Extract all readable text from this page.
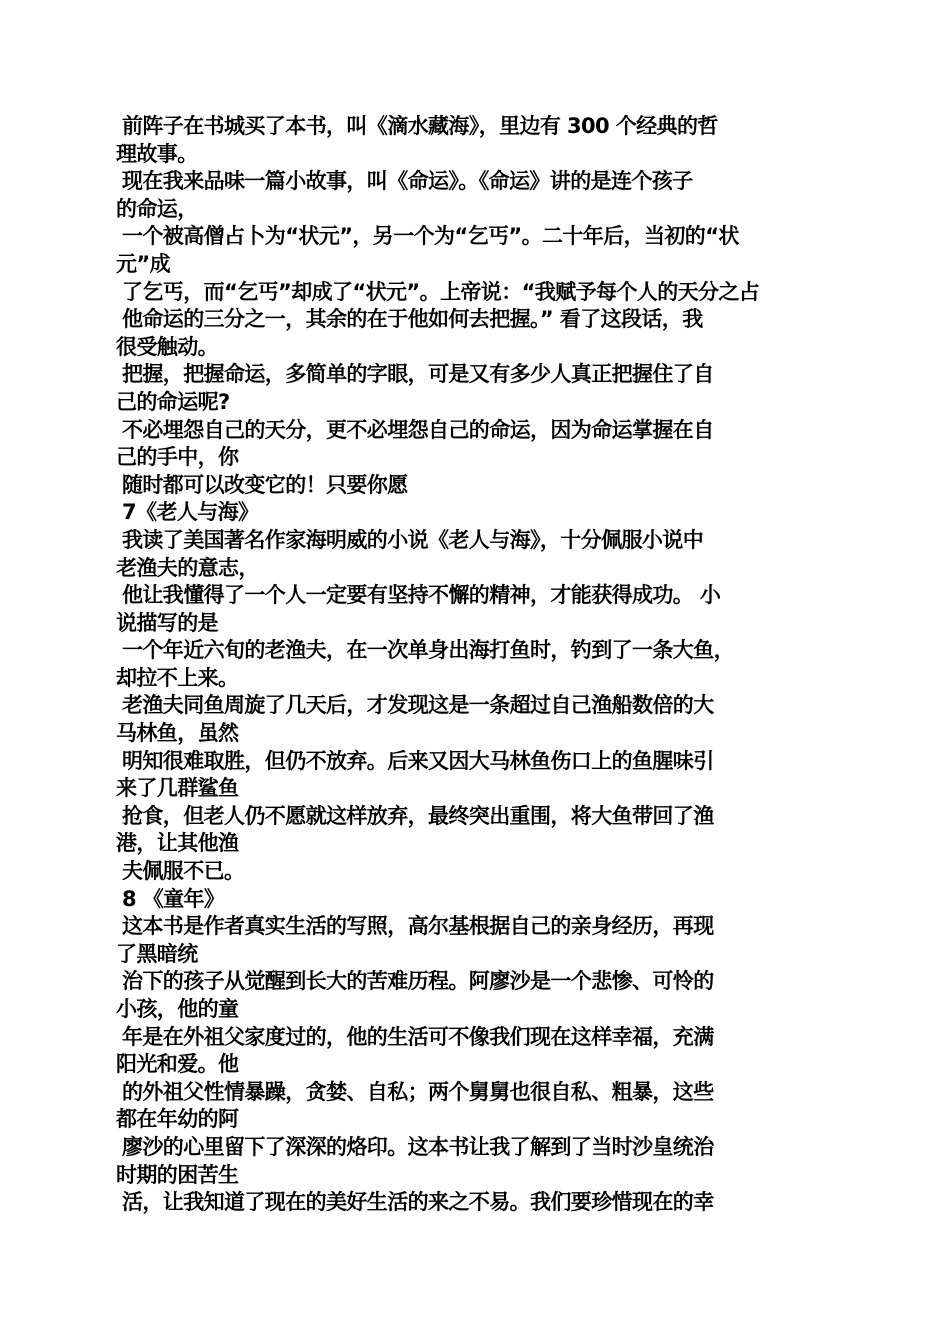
前阵子在书城买了本书，叫《滴水藏海》，里边有 300 个经典的哲
理故事。
现在我来品味一篇小故事，叫《命运》。《命运》讲的是连个孩子
的命运，
一个被高僧占卜为“状元”，另一个为“乞丐”。二十年后，当初的“状
元”成
了乞丐，而“乞丐”却成了“状元”。上帝说：“我赋予每个人的天分之占
他命运的三分之一，其余的在于他如何去把握。” 看了这段话，我
很受触动。
把握，把握命运，多简单的字眼，可是又有多少人真正把握住了自
己的命运呢?
不必埋怨自己的天分，更不必埋怨自己的命运，因为命运掌握在自
己的手中，你
随时都可以改变它的！只要你愿
7《老人与海》
我读了美国著名作家海明威的小说《老人与海》，十分佩服小说中
老渔夫的意志，
他让我懂得了一个人一定要有坚持不懈的精神，才能获得成功。 小
说描写的是
一个年近六旬的老渔夫，在一次单身出海打鱼时，钓到了一条大鱼，
却拉不上来。
老渔夫同鱼周旋了几天后，才发现这是一条超过自己渔船数倍的大
马林鱼，虽然
明知很难取胜，但仍不放弃。后来又因大马林鱼伤口上的鱼腥味引
来了几群鲨鱼
抢食，但老人仍不愿就这样放弃，最终突出重围，将大鱼带回了渔
港，让其他渔
夫佩服不已。
8 《童年》
这本书是作者真实生活的写照，高尔基根据自己的亲身经历，再现
了黑暗统
治下的孩子从觉醒到长大的苦难历程。阿廖沙是一个悲惨、可怜的
小孩，他的童
年是在外祖父家度过的，他的生活可不像我们现在这样幸福，充满
阳光和爱。他
的外祖父性情暴躁，贪婪、自私；两个舅舅也很自私、粗暴，这些
都在年幼的阿
廖沙的心里留下了深深的烙印。这本书让我了解到了当时沙皇统治
时期的困苦生
活，让我知道了现在的美好生活的来之不易。我们要珍惜现在的幸
